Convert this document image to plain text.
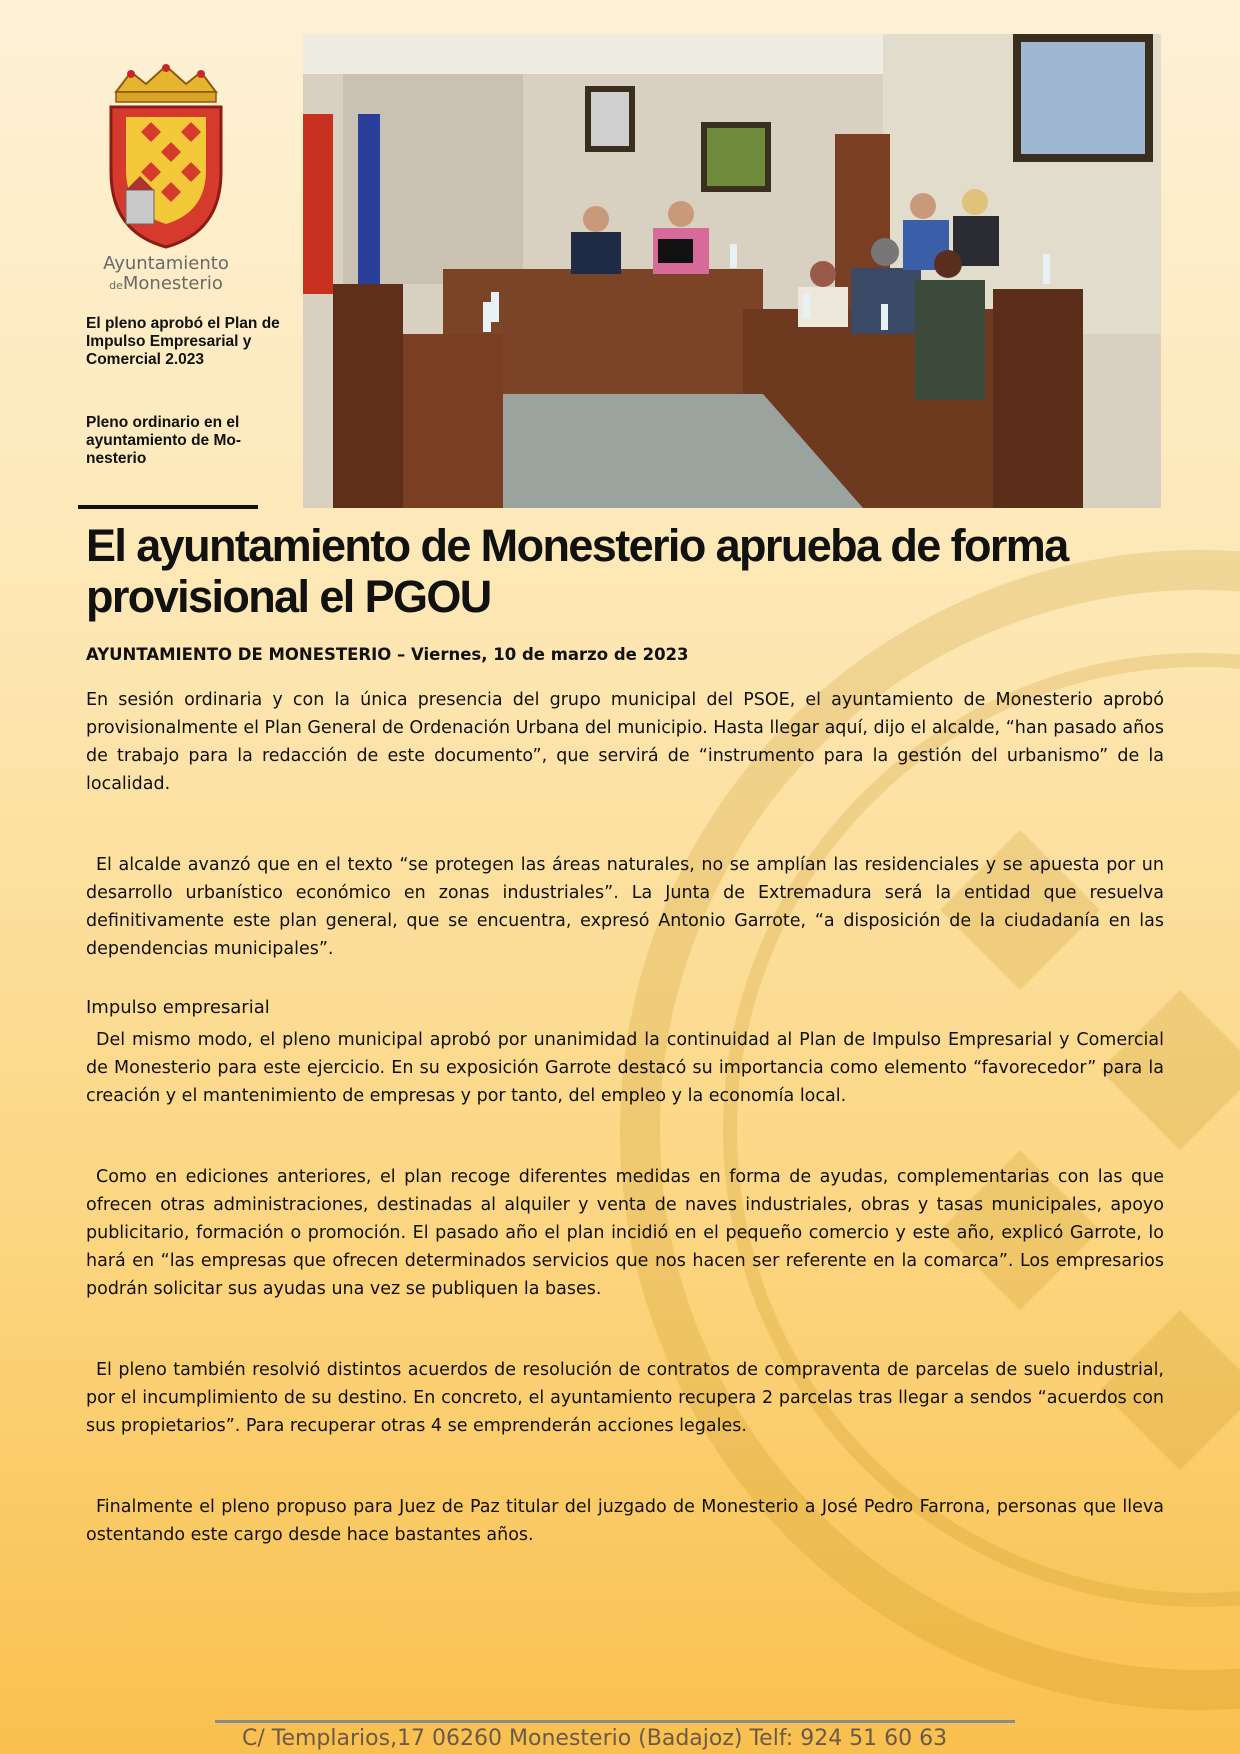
Ayuntamiento
deMonesterio
El pleno aprobó el Plan de Impulso Empresarial y Comercial 2.023
Pleno ordinario en el ayuntamiento de Monesterio
El ayuntamiento de Monesterio aprueba de forma provisional el PGOU
AYUNTAMIENTO DE MONESTERIO – Viernes, 10 de marzo de 2023

En sesión ordinaria y con la única presencia del grupo municipal del PSOE, el ayuntamiento de Monesterio aprobó provisionalmente el Plan General de Ordenación Urbana del municipio. Hasta llegar aquí, dijo el alcalde, “han pasado años de trabajo para la redacción de este documento”, que servirá de “instrumento para la gestión del urbanismo” de la localidad.

El alcalde avanzó que en el texto “se protegen las áreas naturales, no se amplían las residenciales y se apuesta por un desarrollo urbanístico económico en zonas industriales”. La Junta de Extremadura será la entidad que resuelva definitivamente este plan general, que se encuentra, expresó Antonio Garrote, “a disposición de la ciudadanía en las dependencias municipales”.

Impulso empresarial

Del mismo modo, el pleno municipal aprobó por unanimidad la continuidad al Plan de Impulso Empresarial y Comercial de Monesterio para este ejercicio. En su exposición Garrote destacó su importancia como elemento “favorecedor” para la creación y el mantenimiento de empresas y por tanto, del empleo y la economía local.

Como en ediciones anteriores, el plan recoge diferentes medidas en forma de ayudas, complementarias con las que ofrecen otras administraciones, destinadas al alquiler y venta de naves industriales, obras y tasas municipales, apoyo publicitario, formación o promoción. El pasado año el plan incidió en el pequeño comercio y este año, explicó Garrote, lo hará en “las empresas que ofrecen determinados servicios que nos hacen ser referente en la comarca”. Los empresarios podrán solicitar sus ayudas una vez se publiquen la bases.

El pleno también resolvió distintos acuerdos de resolución de contratos de compraventa de parcelas de suelo industrial, por el incumplimiento de su destino. En concreto, el ayuntamiento recupera 2 parcelas tras llegar a sendos “acuerdos con sus propietarios”. Para recuperar otras 4 se emprenderán acciones legales.

Finalmente el pleno propuso para Juez de Paz titular del juzgado de Monesterio a José Pedro Farrona, personas que lleva ostentando este cargo desde hace bastantes años.

C/ Templarios,17 06260 Monesterio (Badajoz) Telf: 924 51 60 63
